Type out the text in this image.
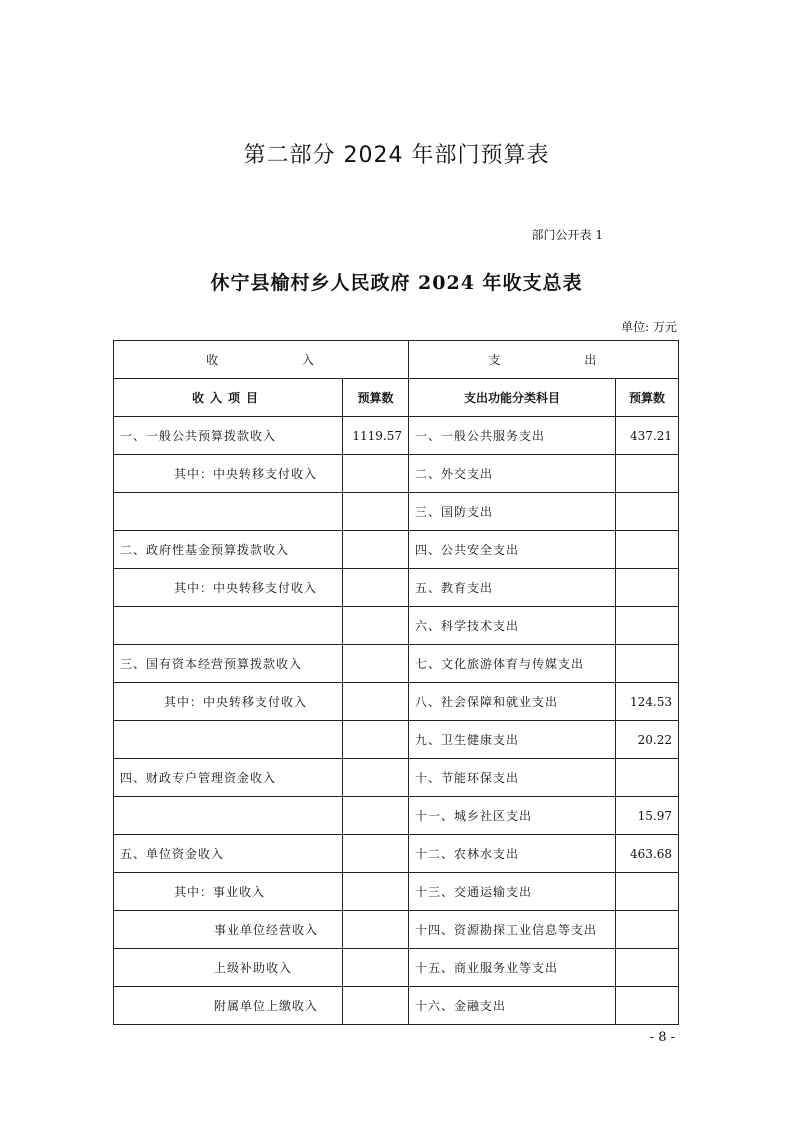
第二部分 2024 年部门预算表
部门公开表 1
休宁县榆村乡人民政府 2024 年收支总表
单位: 万元
收 入		支 出	
收入项目	预算数	支出功能分类科目	预算数
一、一般公共预算拨款收入	1119.57	一、一般公共服务支出	437.21
其中：中央转移支付收入		二、外交支出	
		三、国防支出	
二、政府性基金预算拨款收入		四、公共安全支出	
其中：中央转移支付收入		五、教育支出	
		六、科学技术支出	
三、国有资本经营预算拨款收入		七、文化旅游体育与传媒支出	
其中：中央转移支付收入		八、社会保障和就业支出	124.53
		九、卫生健康支出	20.22
四、财政专户管理资金收入		十、节能环保支出	
		十一、城乡社区支出	15.97
五、单位资金收入		十二、农林水支出	463.68
其中：事业收入		十三、交通运输支出	
事业单位经营收入		十四、资源勘探工业信息等支出	
上级补助收入		十五、商业服务业等支出	
附属单位上缴收入		十六、金融支出	
- 8 -
